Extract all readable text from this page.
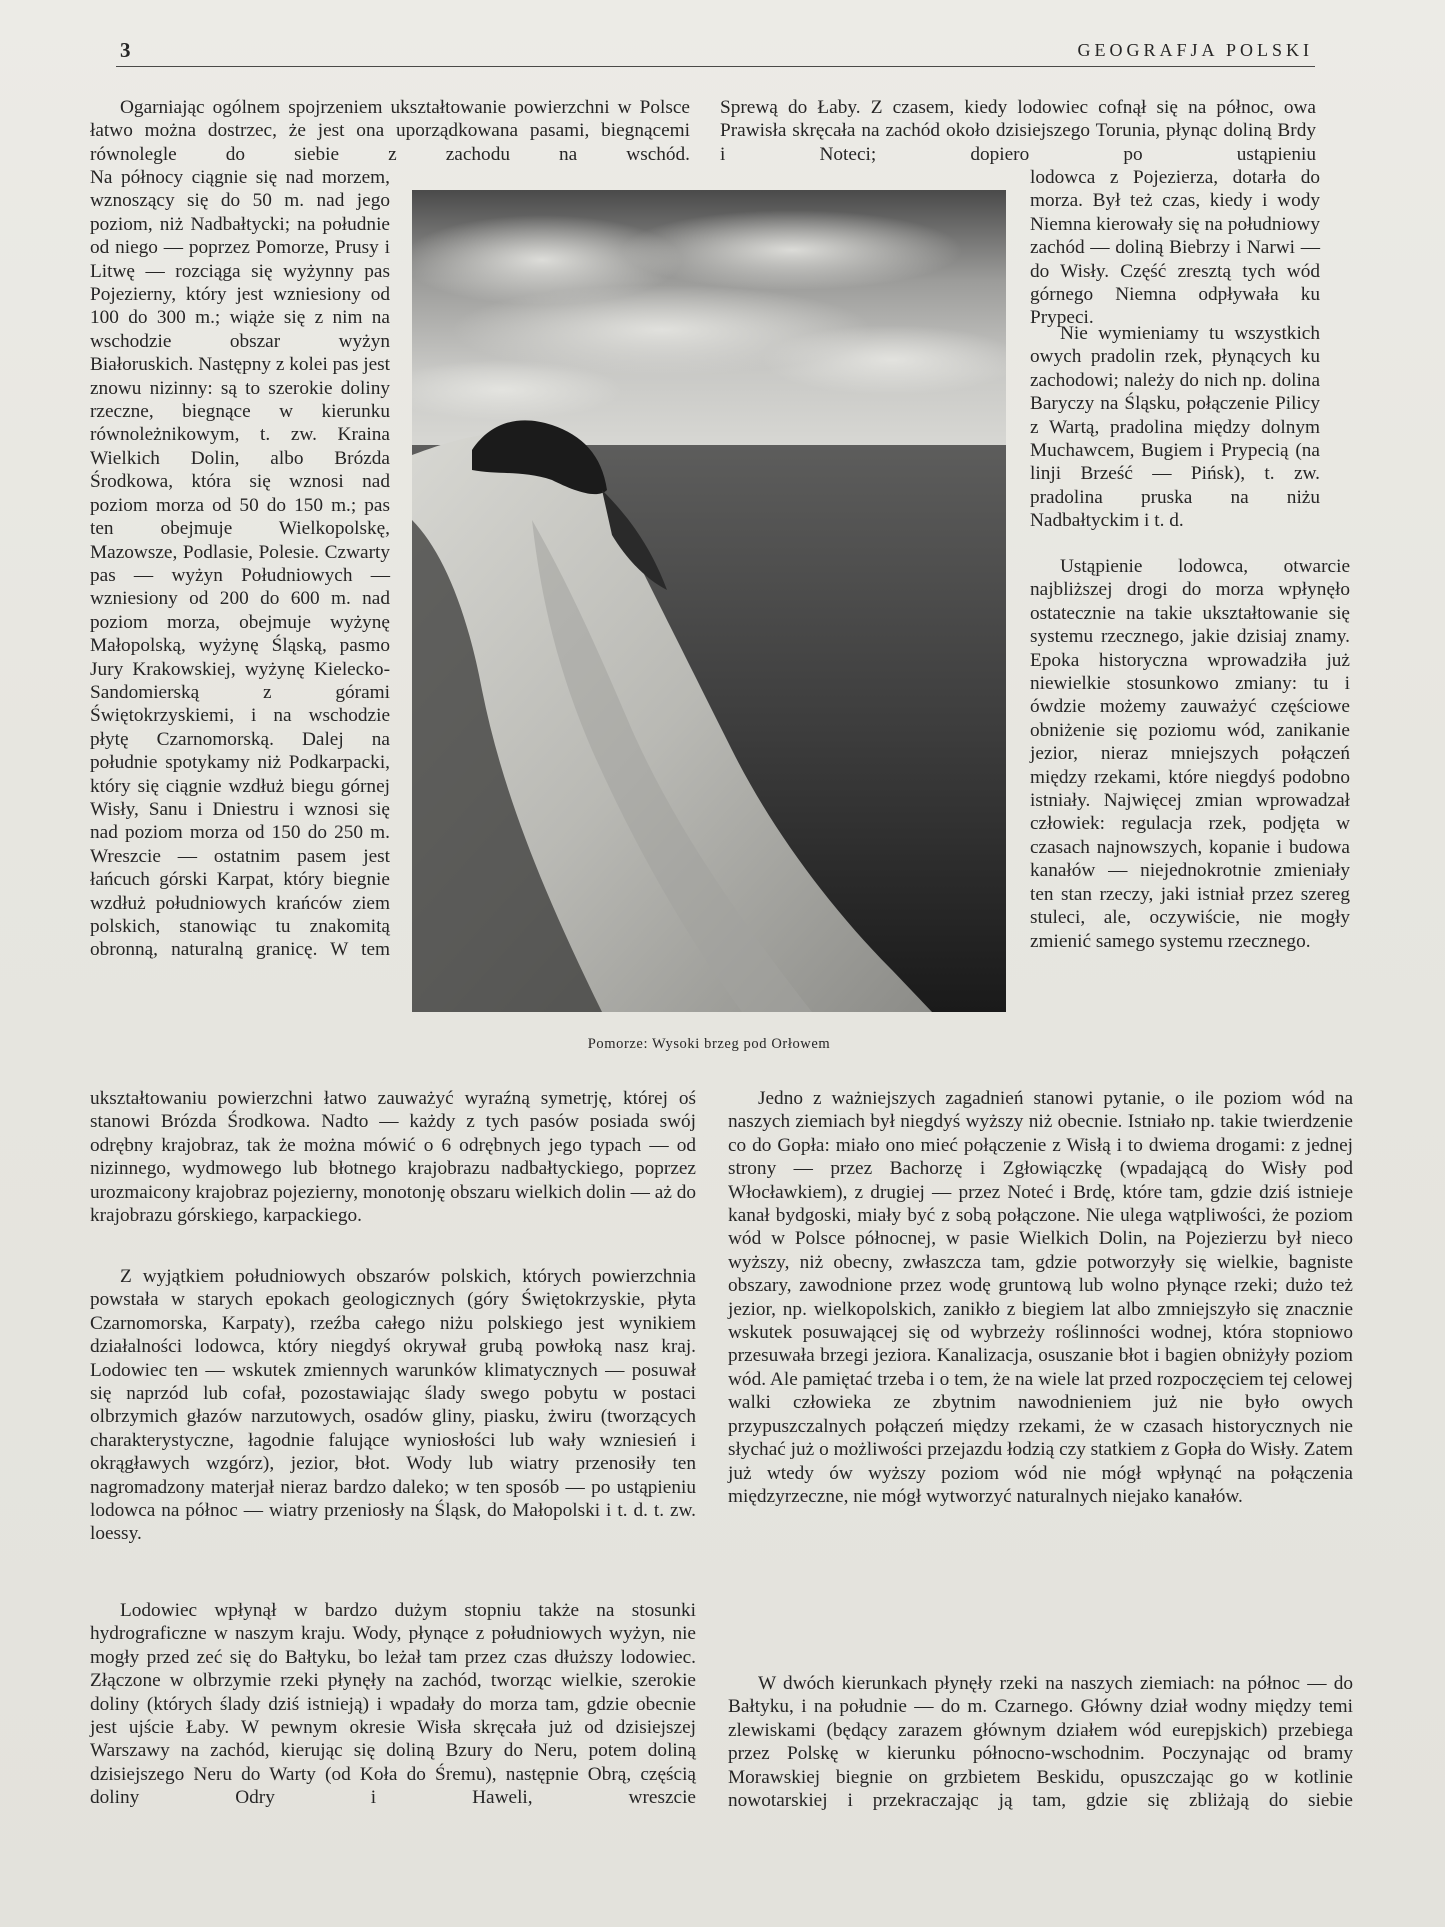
3	GEOGRAFJA POLSKI

Ogarniając ogólnem spojrzeniem ukształtowanie powierzchni w Polsce łatwo można dostrzec, że jest ona uporządkowana pasami, biegnącemi równolegle do siebie z zachodu na wschód.

Na północy ciągnie się nad morzem, wznoszący się do 50 m. nad jego poziom, niż Nadbałtycki; na południe od niego — poprzez Pomorze, Prusy i Litwę — rozciąga się wyżynny pas Pojezierny, który jest wzniesiony od 100 do 300 m.; wiąże się z nim na wschodzie obszar wyżyn Białoruskich. Następny z kolei pas jest znowu nizinny: są to szerokie doliny rzeczne, biegnące w kierunku równoleżnikowym, t. zw. Kraina Wielkich Dolin, albo Brózda Środkowa, która się wznosi nad poziom morza od 50 do 150 m.; pas ten obejmuje Wielkopolskę, Mazowsze, Podlasie, Polesie. Czwarty pas — wyżyn Południowych — wzniesiony od 200 do 600 m. nad poziom morza, obejmuje wyżynę Małopolską, wyżynę Śląską, pasmo Jury Krakowskiej, wyżynę Kielecko-Sandomierską z górami Świętokrzyskiemi, i na wschodzie płytę Czarnomorską. Dalej na południe spotykamy niż Podkarpacki, który się ciągnie wzdłuż biegu górnej Wisły, Sanu i Dniestru i wznosi się nad poziom morza od 150 do 250 m. Wreszcie — ostatnim pasem jest łańcuch górski Karpat, który biegnie wzdłuż południowych krańców ziem polskich, stanowiąc tu znakomitą obronną, naturalną granicę. W tem

ukształtowaniu powierzchni łatwo zauważyć wyraźną symetrję, której oś stanowi Brózda Środkowa. Nadto — każdy z tych pasów posiada swój odrębny krajobraz, tak że można mówić o 6 odrębnych jego typach — od nizinnego, wydmowego lub błotnego krajobrazu nadbałtyckiego, poprzez urozmaicony krajobraz pojezierny, monotonję obszaru wielkich dolin — aż do krajobrazu górskiego, karpackiego.

Z wyjątkiem południowych obszarów polskich, których powierzchnia powstała w starych epokach geologicznych (góry Świętokrzyskie, płyta Czarnomorska, Karpaty), rzeźba całego niżu polskiego jest wynikiem działalności lodowca, który niegdyś okrywał grubą powłoką nasz kraj. Lodowiec ten — wskutek zmiennych warunków klimatycznych — posuwał się naprzód lub cofał, pozostawiając ślady swego pobytu w postaci olbrzymich głazów narzutowych, osadów gliny, piasku, żwiru (tworzących charakterystyczne, łagodnie falujące wyniosłości lub wały wzniesień i okrągławych wzgórz), jezior, błot. Wody lub wiatry przenosiły ten nagromadzony materjał nieraz bardzo daleko; w ten sposób — po ustąpieniu lodowca na północ — wiatry przeniosły na Śląsk, do Małopolski i t. d. t. zw. loessy.

Lodowiec wpłynął w bardzo dużym stopniu także na stosunki hydrograficzne w naszym kraju. Wody, płynące z południowych wyżyn, nie mogły przed zeć się do Bałtyku, bo leżał tam przez czas dłuższy lodowiec. Złączone w olbrzymie rzeki płynęły na zachód, tworząc wielkie, szerokie doliny (których ślady dziś istnieją) i wpadały do morza tam, gdzie obecnie jest ujście Łaby. W pewnym okresie Wisła skręcała już od dzisiejszej Warszawy na zachód, kierując się doliną Bzury do Neru, potem doliną dzisiejszego Neru do Warty (od Koła do Śremu), następnie Obrą, częścią doliny Odry i Haweli, wreszcie

Sprewą do Łaby. Z czasem, kiedy lodowiec cofnął się na północ, owa Prawisła skręcała na zachód około dzisiejszego Torunia, płynąc doliną Brdy i Noteci; dopiero po ustąpieniu

lodowca z Pojezierza, dotarła do morza. Był też czas, kiedy i wody Niemna kierowały się na południowy zachód — doliną Biebrzy i Narwi — do Wisły. Część zresztą tych wód górnego Niemna odpływała ku Prypeci.

Nie wymieniamy tu wszystkich owych pradolin rzek, płynących ku zachodowi; należy do nich np. dolina Baryczy na Śląsku, połączenie Pilicy z Wartą, pradolina między dolnym Muchawcem, Bugiem i Prypecią (na linji Brześć — Pińsk), t. zw. pradolina pruska na niżu Nadbałtyckim i t. d.

Ustąpienie lodowca, otwarcie najbliższej drogi do morza wpłynęło ostatecznie na takie ukształtowanie się systemu rzecznego, jakie dzisiaj znamy. Epoka historyczna wprowadziła już niewielkie stosunkowo zmiany: tu i ówdzie możemy zauważyć częściowe obniżenie się poziomu wód, zanikanie jezior, nieraz mniejszych połączeń między rzekami, które niegdyś podobno istniały. Najwięcej zmian wprowadzał człowiek: regulacja rzek, podjęta w czasach najnowszych, kopanie i budowa kanałów — niejednokrotnie zmieniały ten stan rzeczy, jaki istniał przez szereg stuleci, ale, oczywiście, nie mogły zmienić samego systemu rzecznego.

Jedno z ważniejszych zagadnień stanowi pytanie, o ile poziom wód na naszych ziemiach był niegdyś wyższy niż obecnie. Istniało np. takie twierdzenie co do Gopła: miało ono mieć połączenie z Wisłą i to dwiema drogami: z jednej strony — przez Bachorzę i Zgłowiączkę (wpadającą do Wisły pod Włocławkiem), z drugiej — przez Noteć i Brdę, które tam, gdzie dziś istnieje kanał bydgoski, miały być z sobą połączone. Nie ulega wątpliwości, że poziom wód w Polsce północnej, w pasie Wielkich Dolin, na Pojezierzu był nieco wyższy, niż obecny, zwłaszcza tam, gdzie potworzyły się wielkie, bagniste obszary, zawodnione przez wodę gruntową lub wolno płynące rzeki; dużo też jezior, np. wielkopolskich, zanikło z biegiem lat albo zmniejszyło się znacznie wskutek posuwającej się od wybrzeży roślinności wodnej, która stopniowo przesuwała brzegi jeziora. Kanalizacja, osuszanie błot i bagien obniżyły poziom wód. Ale pamiętać trzeba i o tem, że na wiele lat przed rozpoczęciem tej celowej walki człowieka ze zbytnim nawodnieniem już nie było owych przypuszczalnych połączeń między rzekami, że w czasach historycznych nie słychać już o możliwości przejazdu łodzią czy statkiem z Gopła do Wisły. Zatem już wtedy ów wyższy poziom wód nie mógł wpłynąć na połączenia międzyrzeczne, nie mógł wytworzyć naturalnych niejako kanałów.

W dwóch kierunkach płynęły rzeki na naszych ziemiach: na północ — do Bałtyku, i na południe — do m. Czarnego. Główny dział wodny między temi zlewiskami (będący zarazem głównym działem wód eurepjskich) przebiega przez Polskę w kierunku północno-wschodnim. Poczynając od bramy Morawskiej biegnie on grzbietem Beskidu, opuszczając go w kotlinie nowotarskiej i przekraczając ją tam, gdzie się zbliżają do siebie

Pomorze: Wysoki brzeg pod Orłowem
